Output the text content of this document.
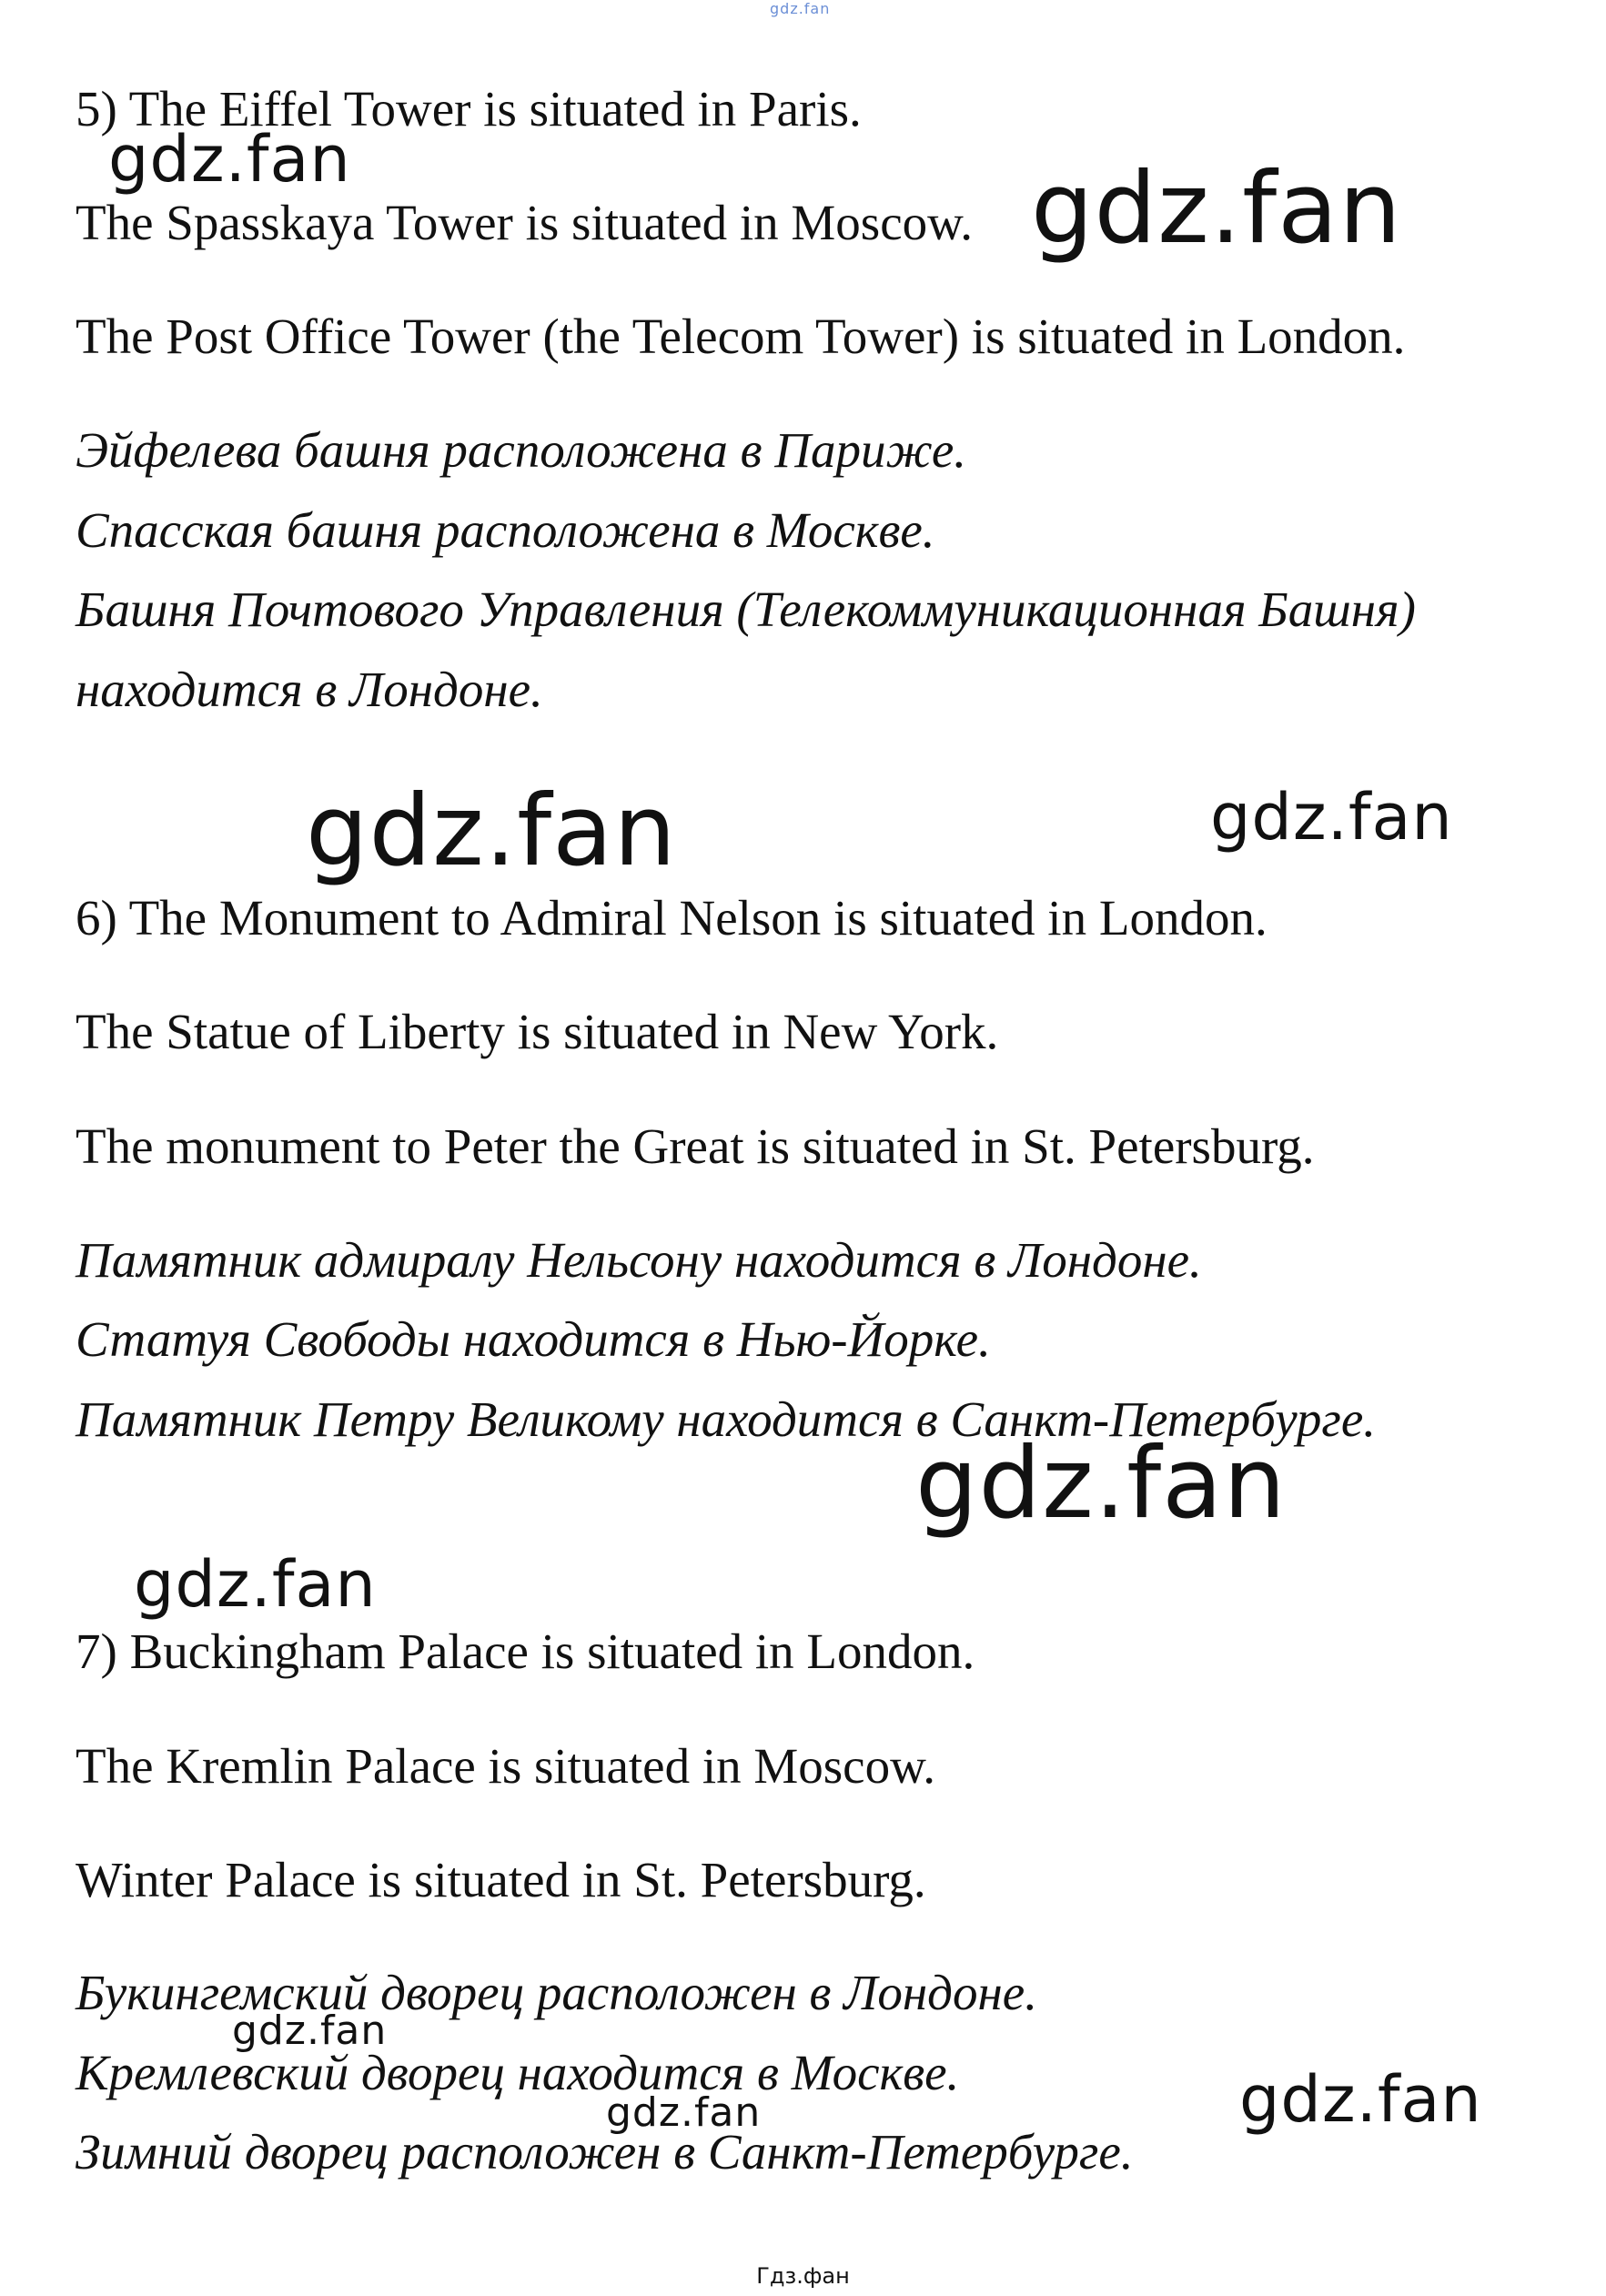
5) The Eiffel Tower is situated in Paris.
The Spasskaya Tower is situated in Moscow.
The Post Office Tower (the Telecom Tower) is situated in London.
Эйфелева башня расположена в Париже.
Спасская башня расположена в Москве.
Башня Почтового Управления (Телекоммуникационная Башня)
находится в Лондоне.
6) The Monument to Admiral Nelson is situated in London.
The Statue of Liberty is situated in New York.
The monument to Peter the Great is situated in St. Petersburg.
Памятник адмиралу Нельсону находится в Лондоне.
Статуя Свободы находится в Нью-Йорке.
Памятник Петру Великому находится в Санкт-Петербурге.
7) Buckingham Palace is situated in London.
The Kremlin Palace is situated in Moscow.
Winter Palace is situated in St. Petersburg.
Букингемский дворец расположен в Лондоне.
Кремлевский дворец находится в Москве.
Зимний дворец расположен в Санкт-Петербурге.
gdz.fan
gdz.fan	gdz.fan
gdz.fan	gdz.fan
gdz.fan
gdz.fan
gdz.fan
gdz.fan
gdz.fan
Гдз.фан
